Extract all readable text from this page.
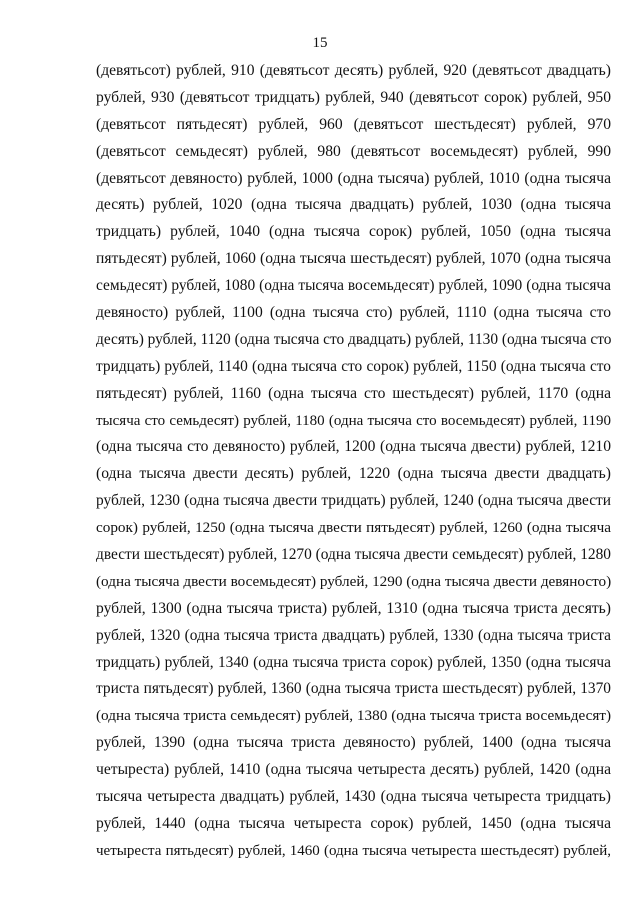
15
(девятьсот) рублей, 910 (девятьсот десять) рублей, 920 (девятьсот двадцать)
рублей, 930 (девятьсот тридцать) рублей, 940 (девятьсот сорок) рублей, 950
(девятьсот пятьдесят) рублей, 960 (девятьсот шестьдесят) рублей, 970
(девятьсот семьдесят) рублей, 980 (девятьсот восемьдесят) рублей, 990
(девятьсот девяносто) рублей, 1000 (одна тысяча) рублей, 1010 (одна тысяча
десять) рублей, 1020 (одна тысяча двадцать) рублей, 1030 (одна тысяча
тридцать) рублей, 1040 (одна тысяча сорок) рублей, 1050 (одна тысяча
пятьдесят) рублей, 1060 (одна тысяча шестьдесят) рублей, 1070 (одна тысяча
семьдесят) рублей, 1080 (одна тысяча восемьдесят) рублей, 1090 (одна тысяча
девяносто) рублей, 1100 (одна тысяча сто) рублей, 1110 (одна тысяча сто
десять) рублей, 1120 (одна тысяча сто двадцать) рублей, 1130 (одна тысяча сто
тридцать) рублей, 1140 (одна тысяча сто сорок) рублей, 1150 (одна тысяча сто
пятьдесят) рублей, 1160 (одна тысяча сто шестьдесят) рублей, 1170 (одна
тысяча сто семьдесят) рублей, 1180 (одна тысяча сто восемьдесят) рублей, 1190
(одна тысяча сто девяносто) рублей, 1200 (одна тысяча двести) рублей, 1210
(одна тысяча двести десять) рублей, 1220 (одна тысяча двести двадцать)
рублей, 1230 (одна тысяча двести тридцать) рублей, 1240 (одна тысяча двести
сорок) рублей, 1250 (одна тысяча двести пятьдесят) рублей, 1260 (одна тысяча
двести шестьдесят) рублей, 1270 (одна тысяча двести семьдесят) рублей, 1280
(одна тысяча двести восемьдесят) рублей, 1290 (одна тысяча двести девяносто)
рублей, 1300 (одна тысяча триста) рублей, 1310 (одна тысяча триста десять)
рублей, 1320 (одна тысяча триста двадцать) рублей, 1330 (одна тысяча триста
тридцать) рублей, 1340 (одна тысяча триста сорок) рублей, 1350 (одна тысяча
триста пятьдесят) рублей, 1360 (одна тысяча триста шестьдесят) рублей, 1370
(одна тысяча триста семьдесят) рублей, 1380 (одна тысяча триста восемьдесят)
рублей, 1390 (одна тысяча триста девяносто) рублей, 1400 (одна тысяча
четыреста) рублей, 1410 (одна тысяча четыреста десять) рублей, 1420 (одна
тысяча четыреста двадцать) рублей, 1430 (одна тысяча четыреста тридцать)
рублей, 1440 (одна тысяча четыреста сорок) рублей, 1450 (одна тысяча
четыреста пятьдесят) рублей, 1460 (одна тысяча четыреста шестьдесят) рублей,
